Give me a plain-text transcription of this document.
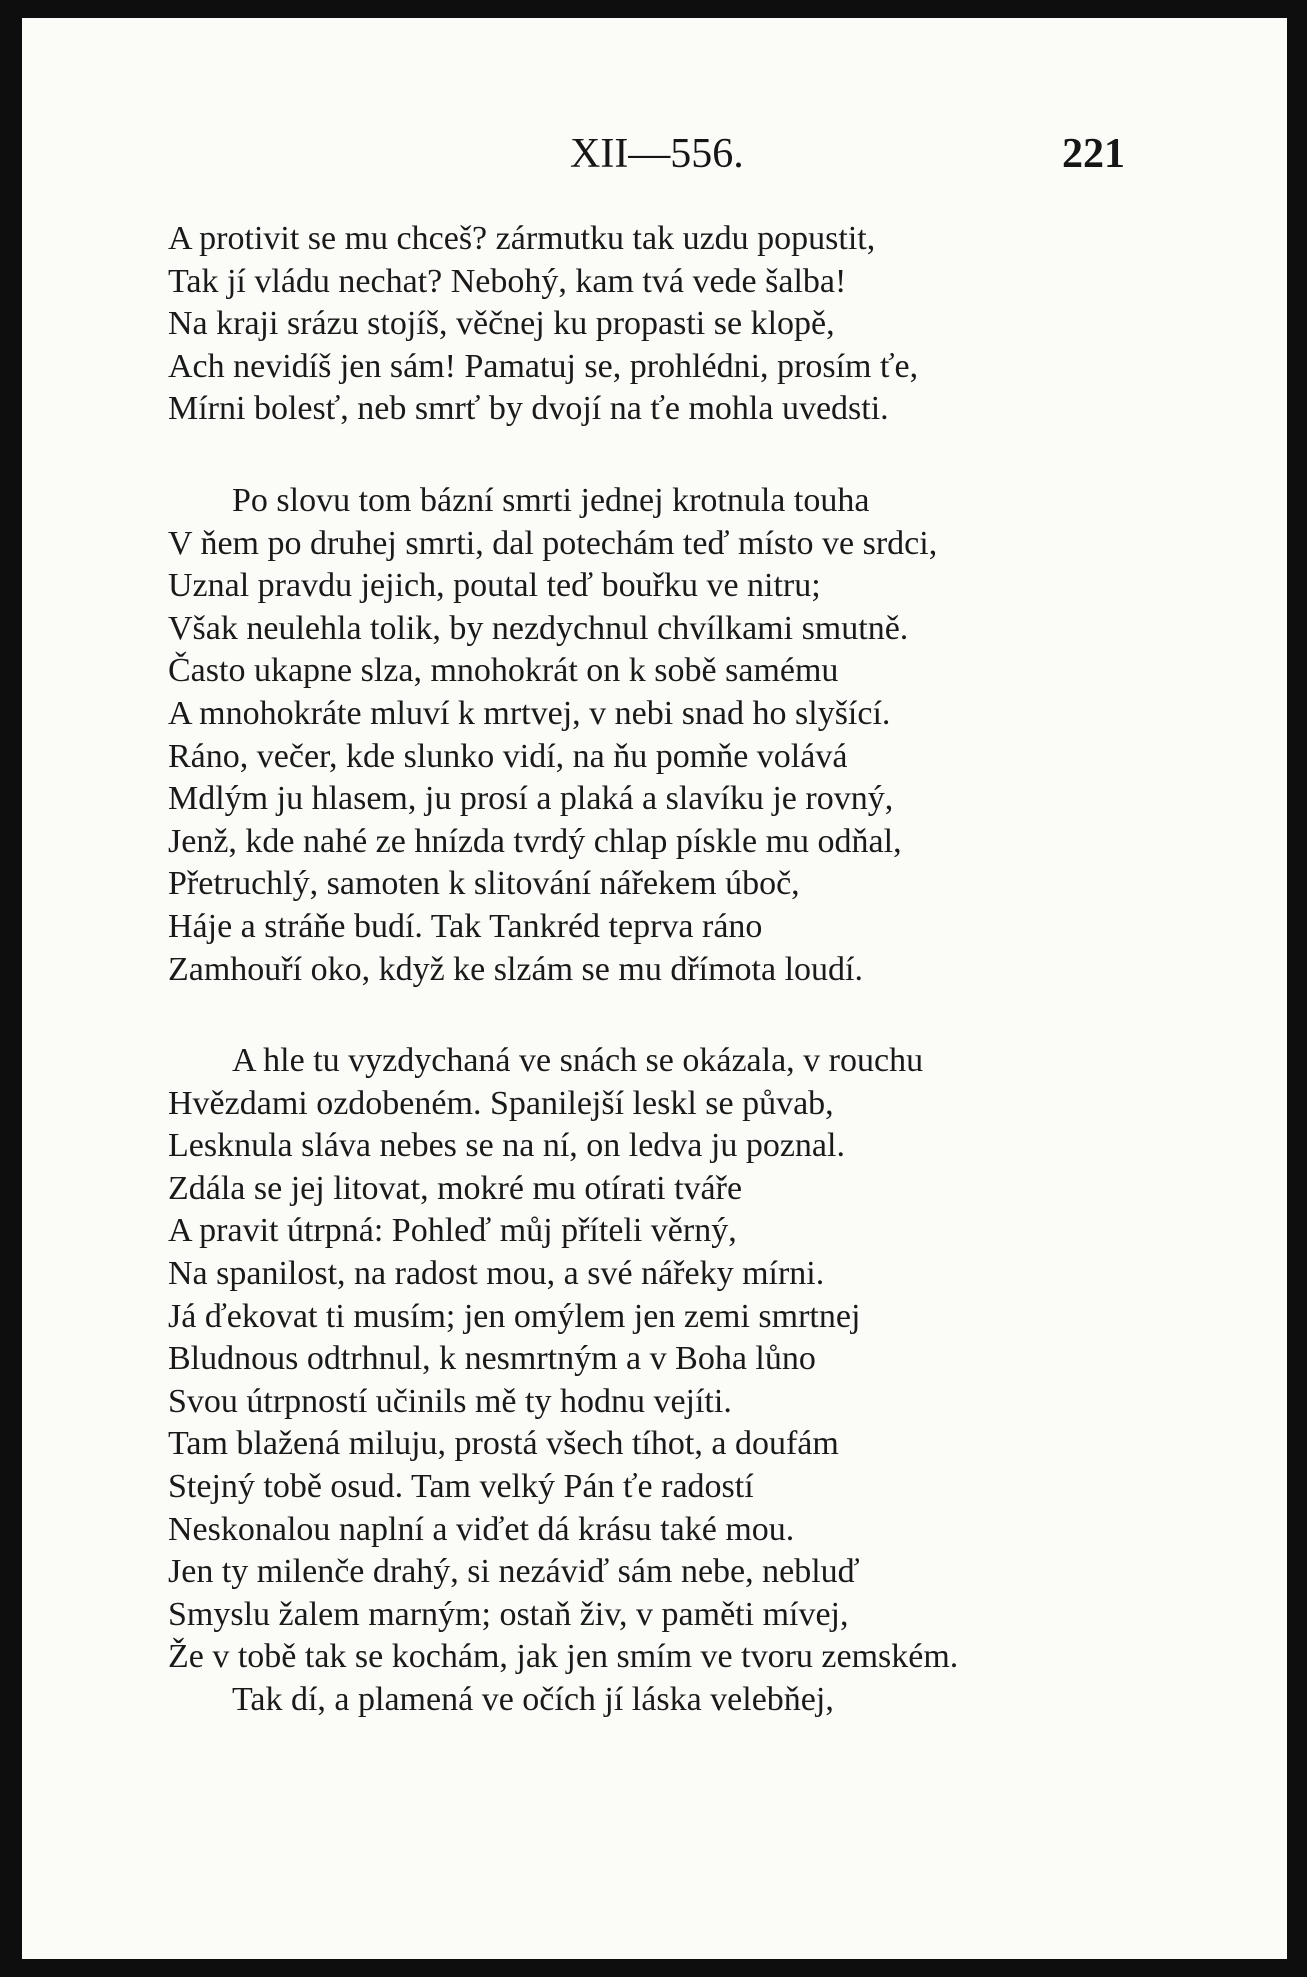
XII—556.	221
A protivit se mu chceš? zármutku tak uzdu popustit,
Tak jí vládu nechat? Nebohý, kam tvá vede šalba!
Na kraji srázu stojíš, věčnej ku propasti se klopě,
Ach nevidíš jen sám! Pamatuj se, prohlédni, prosím ťe,
Mírni bolesť, neb smrť by dvojí na ťe mohla uvedsti.
Po slovu tom bázní smrti jednej krotnula touha
V ňem po druhej smrti, dal potechám teď místo ve srdci,
Uznal pravdu jejich, poutal teď bouřku ve nitru;
Však neulehla tolik, by nezdychnul chvílkami smutně.
Často ukapne slza, mnohokrát on k sobě samému
A mnohokráte mluví k mrtvej, v nebi snad ho slyšící.
Ráno, večer, kde slunko vidí, na ňu pomňe volává
Mdlým ju hlasem, ju prosí a plaká a slavíku je rovný,
Jenž, kde nahé ze hnízda tvrdý chlap pískle mu odňal,
Přetruchlý, samoten k slitování nářekem úboč,
Háje a stráňe budí. Tak Tankréd teprva ráno
Zamhouří oko, když ke slzám se mu dřímota loudí.
A hle tu vyzdychaná ve snách se okázala, v rouchu
Hvězdami ozdobeném. Spanilejší leskl se půvab,
Lesknula sláva nebes se na ní, on ledva ju poznal.
Zdála se jej litovat, mokré mu otírati tváře
A pravit útrpná: Pohleď můj příteli věrný,
Na spanilost, na radost mou, a své nářeky mírni.
Já ďekovat ti musím; jen omýlem jen zemi smrtnej
Bludnous odtrhnul, k nesmrtným a v Boha lůno
Svou útrpností učinils mě ty hodnu vejíti.
Tam blažená miluju, prostá všech tíhot, a doufám
Stejný tobě osud. Tam velký Pán ťe radostí
Neskonalou naplní a viďet dá krásu také mou.
Jen ty milenče drahý, si nezáviď sám nebe, nebluď
Smyslu žalem marným; ostaň živ, v paměti mívej,
Že v tobě tak se kochám, jak jen smím ve tvoru zemském.
Tak dí, a plamená ve očích jí láska velebňej,
